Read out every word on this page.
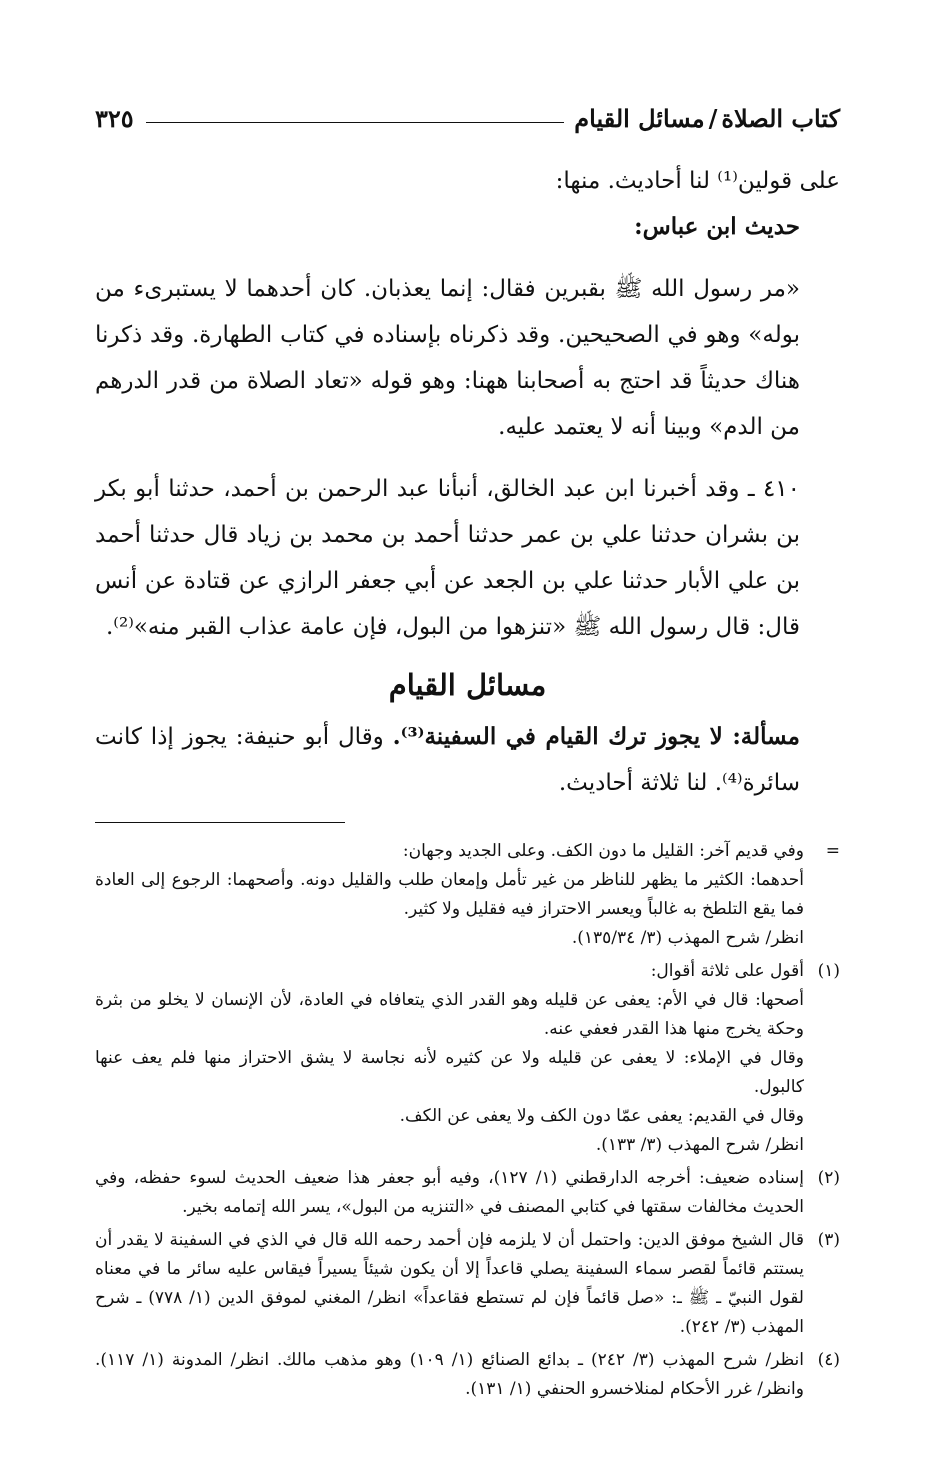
كتاب الصلاة
/
مسائل القيام
٣٢٥

على قولين⁽¹⁾ لنا أحاديث. منها:

حديث ابن عباس:

«مر رسول الله ﷺ بقبرين فقال: إنما يعذبان. كان أحدهما لا يستبرىء من بوله» وهو في الصحيحين. وقد ذكرناه بإسناده في كتاب الطهارة. وقد ذكرنا هناك حديثاً قد احتج به أصحابنا ههنا: وهو قوله «تعاد الصلاة من قدر الدرهم من الدم» وبينا أنه لا يعتمد عليه.

٤١٠ ـ وقد أخبرنا ابن عبد الخالق، أنبأنا عبد الرحمن بن أحمد، حدثنا أبو بكر بن بشران حدثنا علي بن عمر حدثنا أحمد بن محمد بن زياد قال حدثنا أحمد بن علي الأبار حدثنا علي بن الجعد عن أبي جعفر الرازي عن قتادة عن أنس قال: قال رسول الله ﷺ «تنزهوا من البول، فإن عامة عذاب القبر منه»⁽²⁾.

مسائل القيام

مسألة: لا يجوز ترك القيام في السفينة⁽³⁾. وقال أبو حنيفة: يجوز إذا كانت سائرة⁽⁴⁾. لنا ثلاثة أحاديث.

=

وفي قديم آخر: القليل ما دون الكف. وعلى الجديد وجهان:

أحدهما: الكثير ما يظهر للناظر من غير تأمل وإمعان طلب والقليل دونه. وأصحهما: الرجوع إلى العادة فما يقع التلطخ به غالباً ويعسر الاحتراز فيه فقليل ولا كثير.

انظر/ شرح المهذب (٣/ ١٣٥/٣٤).

(١)

أقول على ثلاثة أقوال:

أصحها: قال في الأم: يعفى عن قليله وهو القدر الذي يتعافاه في العادة، لأن الإنسان لا يخلو من بثرة وحكة يخرج منها هذا القدر فعفي عنه.

وقال في الإملاء: لا يعفى عن قليله ولا عن كثيره لأنه نجاسة لا يشق الاحتراز منها فلم يعف عنها كالبول.

وقال في القديم: يعفى عمّا دون الكف ولا يعفى عن الكف.

انظر/ شرح المهذب (٣/ ١٣٣).

(٢)

إسناده ضعيف: أخرجه الدارقطني (١/ ١٢٧)، وفيه أبو جعفر هذا ضعيف الحديث لسوء حفظه، وفي الحديث مخالفات سقتها في كتابي المصنف في «التنزيه من البول»، يسر الله إتمامه بخير.

(٣)

قال الشيخ موفق الدين: واحتمل أن لا يلزمه فإن أحمد رحمه الله قال في الذي في السفينة لا يقدر أن يستتم قائماً لقصر سماء السفينة يصلي قاعداً إلا أن يكون شيئاً يسيراً فيقاس عليه سائر ما في معناه لقول النبيّ ـ ﷺ ـ: «صل قائماً فإن لم تستطع فقاعداً» انظر/ المغني لموفق الدين (١/ ٧٧٨) ـ شرح المهذب (٣/ ٢٤٢).

(٤)

انظر/ شرح المهذب (٣/ ٢٤٢) ـ بدائع الصنائع (١/ ١٠٩) وهو مذهب مالك. انظر/ المدونة (١/ ١١٧). وانظر/ غرر الأحكام لمنلاخسرو الحنفي (١/ ١٣١).
